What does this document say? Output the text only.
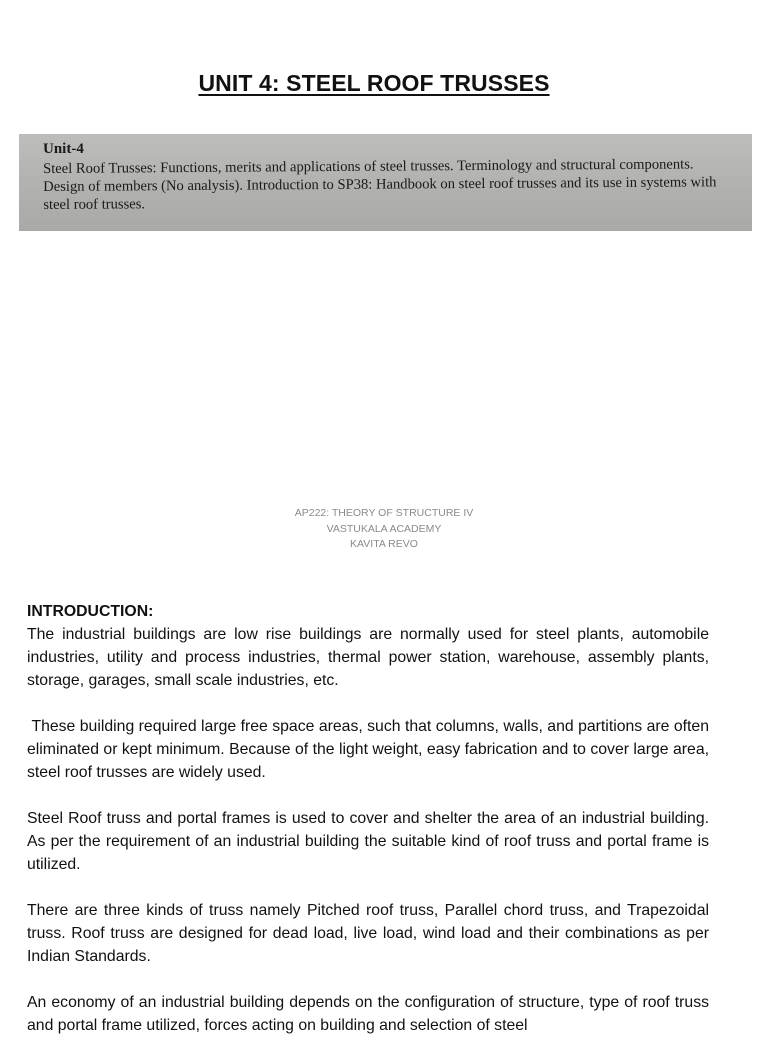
UNIT 4: STEEL ROOF TRUSSES
Unit-4
Steel Roof Trusses: Functions, merits and applications of steel trusses. Terminology and structural components. Design of members (No analysis). Introduction to SP38: Handbook on steel roof trusses and its use in systems with steel roof trusses.
AP222: THEORY OF STRUCTURE IV
VASTUKALA ACADEMY
KAVITA REVO
INTRODUCTION:

The industrial buildings are low rise buildings are normally used for steel plants, automobile industries, utility and process industries, thermal power station, warehouse, assembly plants, storage, garages, small scale industries, etc.

These building required large free space areas, such that columns, walls, and partitions are often eliminated or kept minimum. Because of the light weight, easy fabrication and to cover large area, steel roof trusses are widely used.

Steel Roof truss and portal frames is used to cover and shelter the area of an industrial building. As per the requirement of an industrial building the suitable kind of roof truss and portal frame is utilized.

There are three kinds of truss namely Pitched roof truss, Parallel chord truss, and Trapezoidal truss. Roof truss are designed for dead load, live load, wind load and their combinations as per Indian Standards.

An economy of an industrial building depends on the configuration of structure, type of roof truss and portal frame utilized, forces acting on building and selection of steel
